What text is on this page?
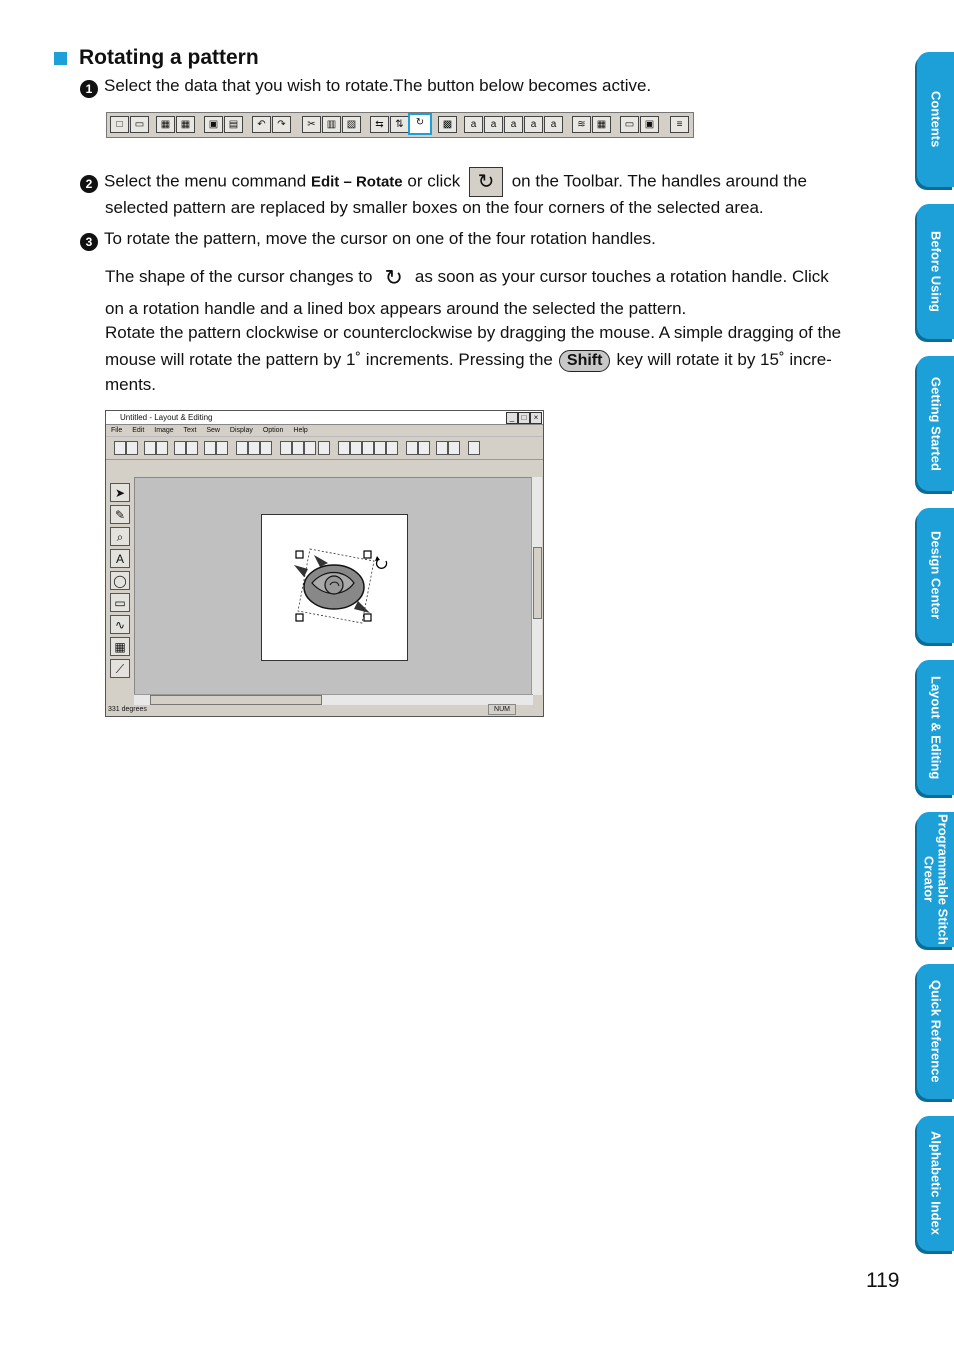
Rotating a pattern
1 Select the data that you wish to rotate.The button below becomes active.
□	▭	▦	▦	▣	▤	↶	↷	✂	▥	▧	⇆	⇅	↻	▩	a	a	a	a	a	≋	▦	▭	▣	≡
2 Select the menu command Edit – Rotate or click ↻ on the Toolbar. The handles around the
selected pattern are replaced by smaller boxes on the four corners of the selected area.
3 To rotate the pattern, move the cursor on one of the four rotation handles.
The shape of the cursor changes to ↻ as soon as your cursor touches a rotation handle. Click
on a rotation handle and a lined box appears around the selected the pattern.
Rotate the pattern clockwise or counterclockwise by dragging the mouse. A simple dragging of the
mouse will rotate the pattern by 1˚ increments. Pressing the Shift key will rotate it by 15˚ incre-
ments.
Untitled - Layout & Editing	_ □ ×
File Edit Image Text Sew Display Option Help
➤
✎
⌕
A
◯
▭
∿
▦
⟋
331 degrees	NUM
Contents
Before Using
Getting Started
Design Center
Layout & Editing
Programmable Stitch Creator
Quick Reference
Alphabetic Index
119
